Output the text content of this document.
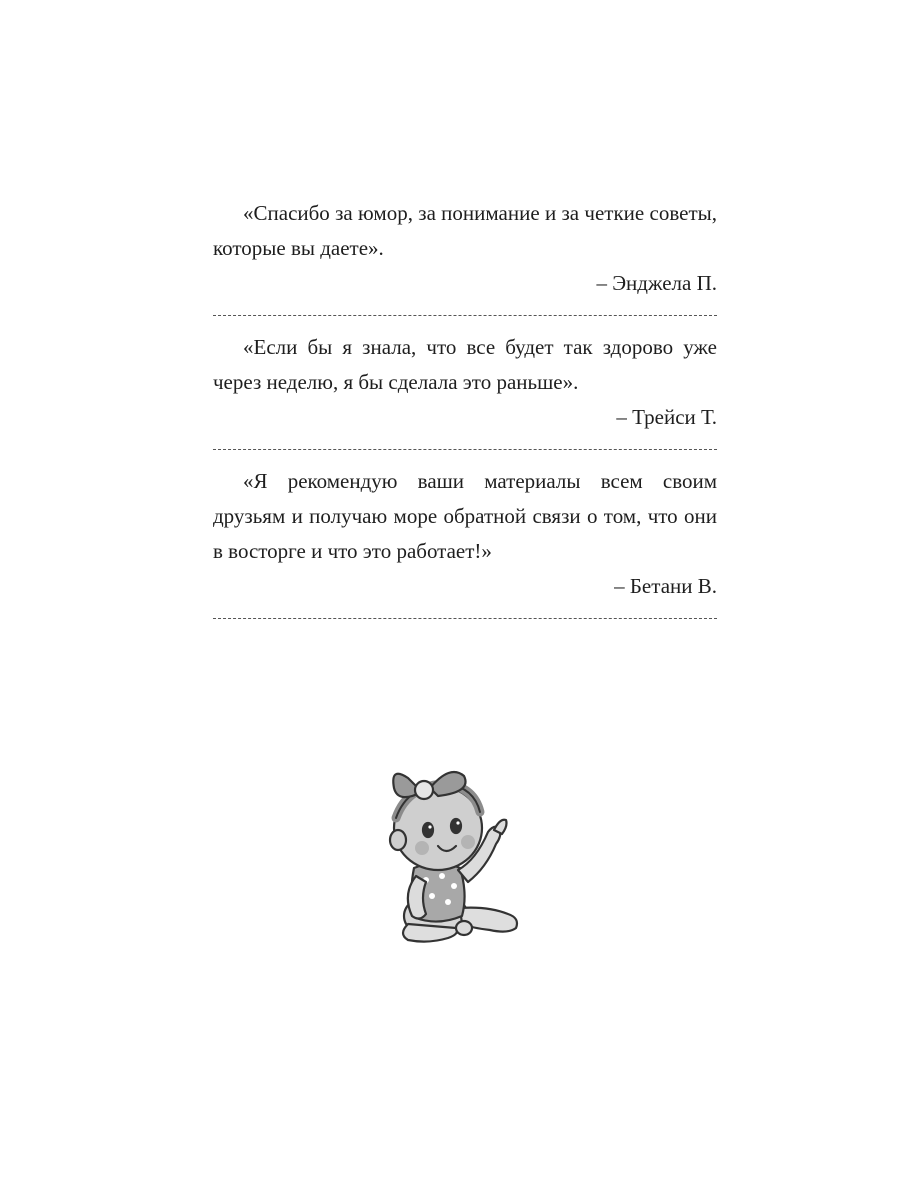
«Спасибо за юмор, за понимание и за четкие советы, которые вы даете».

– Энджела П.

«Если бы я знала, что все будет так здорово уже через неделю, я бы сделала это раньше».

– Трейси Т.

«Я рекомендую ваши материалы всем своим друзьям и получаю море обратной связи о том, что они в восторге и что это работает!»

– Бетани В.
